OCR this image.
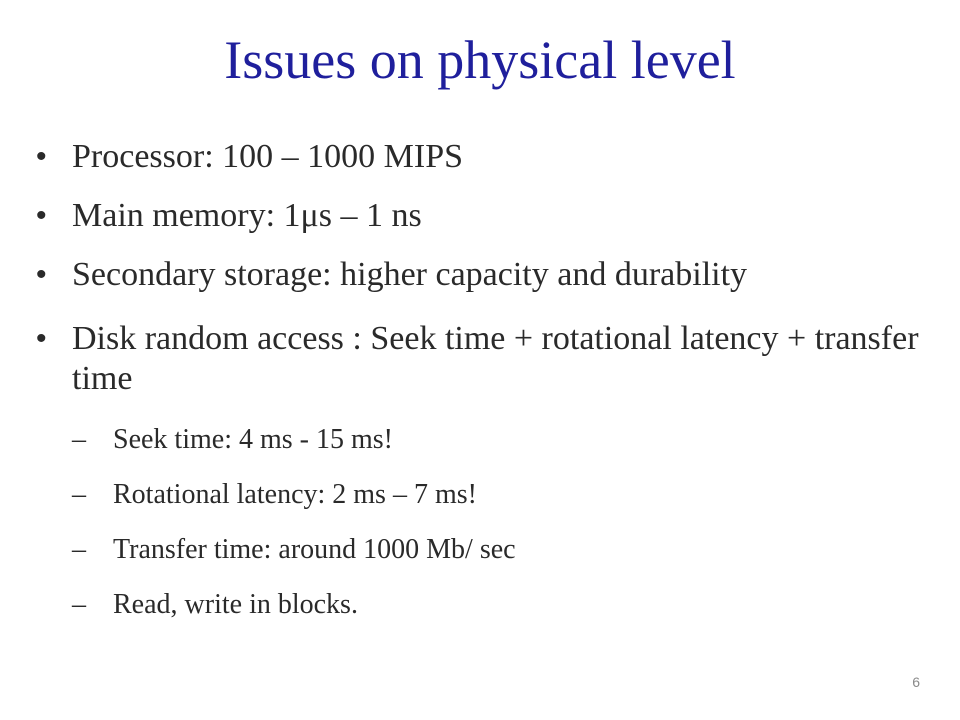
Issues on physical level
• Processor: 100 – 1000 MIPS
• Main memory: 1μs – 1 ns
• Secondary storage: higher capacity and durability
• Disk random access : Seek time + rotational latency + transfer time
– Seek time: 4 ms - 15 ms!
– Rotational latency: 2 ms – 7 ms!
– Transfer time: around 1000 Mb/ sec
– Read, write in blocks.
6
